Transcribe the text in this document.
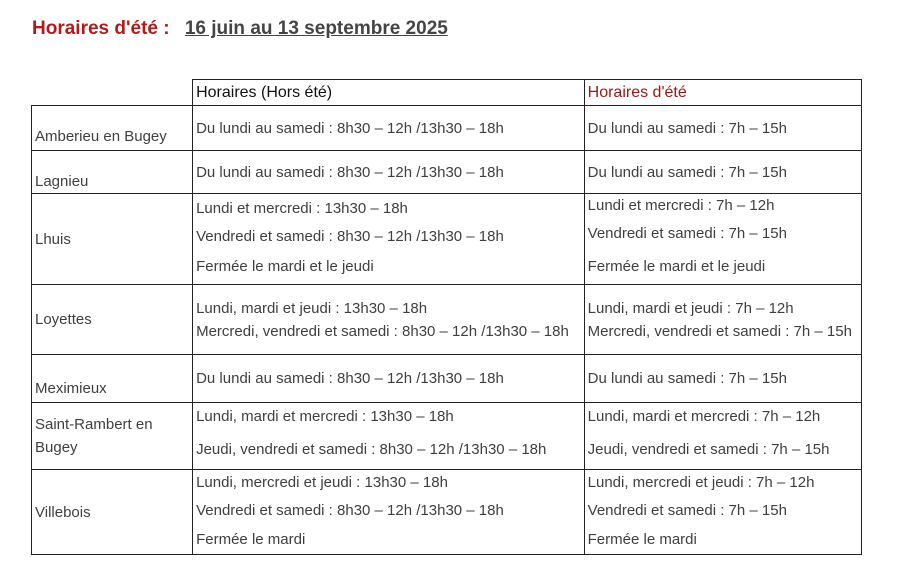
Horaires d'été : 16 juin au 13 septembre 2025
	Horaires (Hors été)	Horaires d'été
Amberieu en Bugey	Du lundi au samedi : 8h30 – 12h /13h30 – 18h	Du lundi au samedi : 7h – 15h

Lagnieu	Du lundi au samedi : 8h30 – 12h /13h30 – 18h	Du lundi au samedi : 7h – 15h

Lhuis	Lundi et mercredi : 13h30 – 18h
Vendredi et samedi : 8h30 – 12h /13h30 – 18h
Fermée le mardi et le jeudi	Lundi et mercredi : 7h – 12h
Vendredi et samedi : 7h – 15h
Fermée le mardi et le jeudi

Loyettes	Lundi, mardi et jeudi : 13h30 – 18h
Mercredi, vendredi et samedi : 8h30 – 12h /13h30 – 18h	Lundi, mardi et jeudi : 7h – 12h
Mercredi, vendredi et samedi : 7h – 15h

Meximieux	Du lundi au samedi : 8h30 – 12h /13h30 – 18h	Du lundi au samedi : 7h – 15h

Saint-Rambert en Bugey	Lundi, mardi et mercredi : 13h30 – 18h
Jeudi, vendredi et samedi : 8h30 – 12h /13h30 – 18h	Lundi, mardi et mercredi : 7h – 12h
Jeudi, vendredi et samedi : 7h – 15h

Villebois	Lundi, mercredi et jeudi : 13h30 – 18h
Vendredi et samedi : 8h30 – 12h /13h30 – 18h
Fermée le mardi	Lundi, mercredi et jeudi : 7h – 12h
Vendredi et samedi : 7h – 15h
Fermée le mardi
